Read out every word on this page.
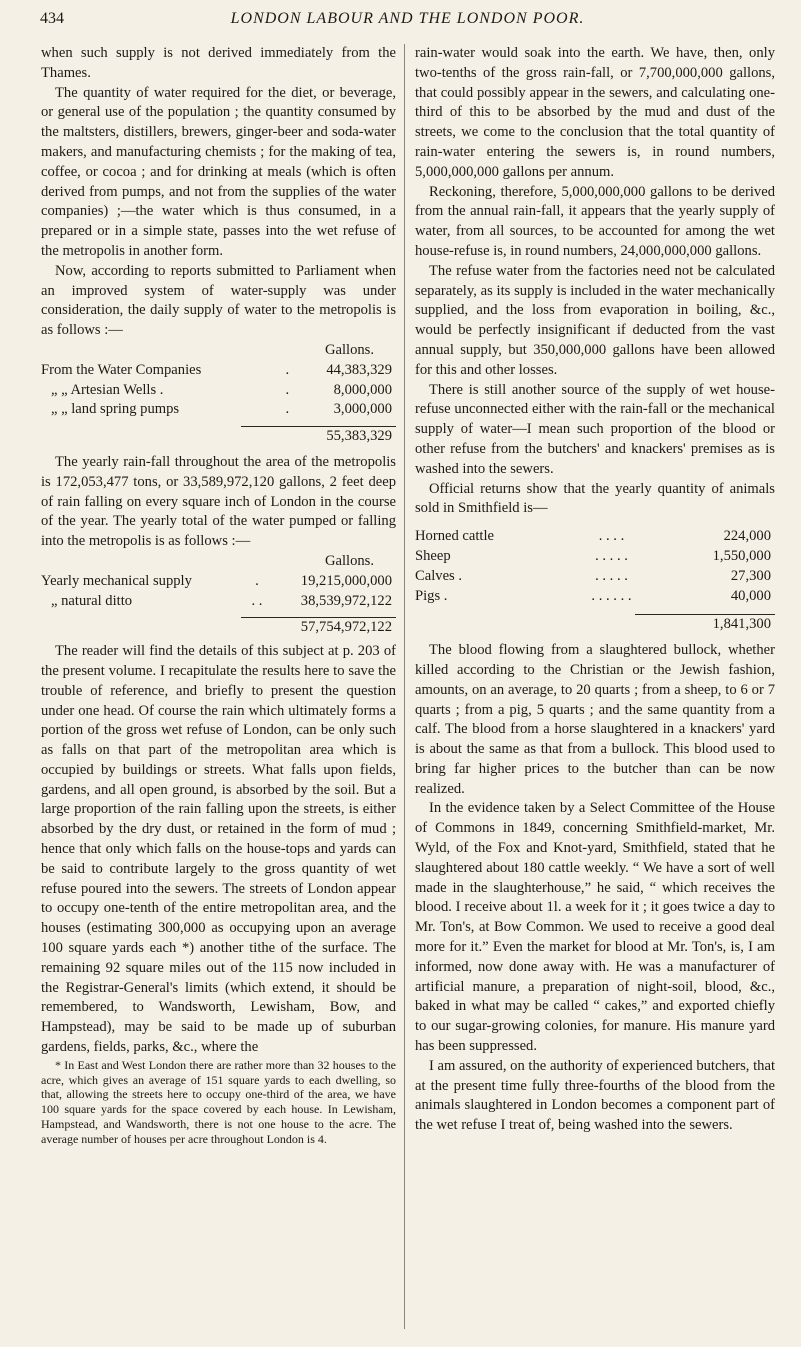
434	LONDON LABOUR AND THE LONDON POOR.

when such supply is not derived immediately from the Thames.

The quantity of water required for the diet, or beverage, or general use of the population ; the quantity consumed by the maltsters, distillers, brewers, ginger-beer and soda-water makers, and manufacturing chemists ; for the making of tea, coffee, or cocoa ; and for drinking at meals (which is often derived from pumps, and not from the supplies of the water companies) ;—the water which is thus consumed, in a prepared or in a simple state, passes into the wet refuse of the metropolis in another form.

Now, according to reports submitted to Parliament when an improved system of water-supply was under consideration, the daily supply of water to the metropolis is as follows :—

Gallons.
From the Water Companies	.	44,383,329
„ „ Artesian Wells .	.	8,000,000
„ „ land spring pumps	.	3,000,000
55,383,329

The yearly rain-fall throughout the area of the metropolis is 172,053,477 tons, or 33,589,972,120 gallons, 2 feet deep of rain falling on every square inch of London in the course of the year. The yearly total of the water pumped or falling into the metropolis is as follows :—

Gallons.
Yearly mechanical supply	.	19,215,000,000
„ natural ditto	. .	38,539,972,122
57,754,972,122

The reader will find the details of this subject at p. 203 of the present volume. I recapitulate the results here to save the trouble of reference, and briefly to present the question under one head. Of course the rain which ultimately forms a portion of the gross wet refuse of London, can be only such as falls on that part of the metropolitan area which is occupied by buildings or streets. What falls upon fields, gardens, and all open ground, is absorbed by the soil. But a large proportion of the rain falling upon the streets, is either absorbed by the dry dust, or retained in the form of mud ; hence that only which falls on the house-tops and yards can be said to contribute largely to the gross quantity of wet refuse poured into the sewers. The streets of London appear to occupy one-tenth of the entire metropolitan area, and the houses (estimating 300,000 as occupying upon an average 100 square yards each *) another tithe of the surface. The remaining 92 square miles out of the 115 now included in the Registrar-General's limits (which extend, it should be remembered, to Wandsworth, Lewisham, Bow, and Hampstead), may be said to be made up of suburban gardens, fields, parks, &c., where the

* In East and West London there are rather more than 32 houses to the acre, which gives an average of 151 square yards to each dwelling, so that, allowing the streets here to occupy one-third of the area, we have 100 square yards for the space covered by each house. In Lewisham, Hampstead, and Wandsworth, there is not one house to the acre. The average number of houses per acre throughout London is 4.

rain-water would soak into the earth. We have, then, only two-tenths of the gross rain-fall, or 7,700,000,000 gallons, that could possibly appear in the sewers, and calculating one-third of this to be absorbed by the mud and dust of the streets, we come to the conclusion that the total quantity of rain-water entering the sewers is, in round numbers, 5,000,000,000 gallons per annum.

Reckoning, therefore, 5,000,000,000 gallons to be derived from the annual rain-fall, it appears that the yearly supply of water, from all sources, to be accounted for among the wet house-refuse is, in round numbers, 24,000,000,000 gallons.

The refuse water from the factories need not be calculated separately, as its supply is included in the water mechanically supplied, and the loss from evaporation in boiling, &c., would be perfectly insignificant if deducted from the vast annual supply, but 350,000,000 gallons have been allowed for this and other losses.

There is still another source of the supply of wet house-refuse unconnected either with the rain-fall or the mechanical supply of water—I mean such proportion of the blood or other refuse from the butchers' and knackers' premises as is washed into the sewers.

Official returns show that the yearly quantity of animals sold in Smithfield is—

Horned cattle	. . . .	224,000
Sheep	. . . . .	1,550,000
Calves .	. . . . .	27,300
Pigs .	. . . . . .	40,000
1,841,300

The blood flowing from a slaughtered bullock, whether killed according to the Christian or the Jewish fashion, amounts, on an average, to 20 quarts ; from a sheep, to 6 or 7 quarts ; from a pig, 5 quarts ; and the same quantity from a calf. The blood from a horse slaughtered in a knackers' yard is about the same as that from a bullock. This blood used to bring far higher prices to the butcher than can be now realized.

In the evidence taken by a Select Committee of the House of Commons in 1849, concerning Smithfield-market, Mr. Wyld, of the Fox and Knot-yard, Smithfield, stated that he slaughtered about 180 cattle weekly. “ We have a sort of well made in the slaughterhouse,” he said, “ which receives the blood. I receive about 1l. a week for it ; it goes twice a day to Mr. Ton's, at Bow Common. We used to receive a good deal more for it.” Even the market for blood at Mr. Ton's, is, I am informed, now done away with. He was a manufacturer of artificial manure, a preparation of night-soil, blood, &c., baked in what may be called “ cakes,” and exported chiefly to our sugar-growing colonies, for manure. His manure yard has been suppressed.

I am assured, on the authority of experienced butchers, that at the present time fully three-fourths of the blood from the animals slaughtered in London becomes a component part of the wet refuse I treat of, being washed into the sewers.
